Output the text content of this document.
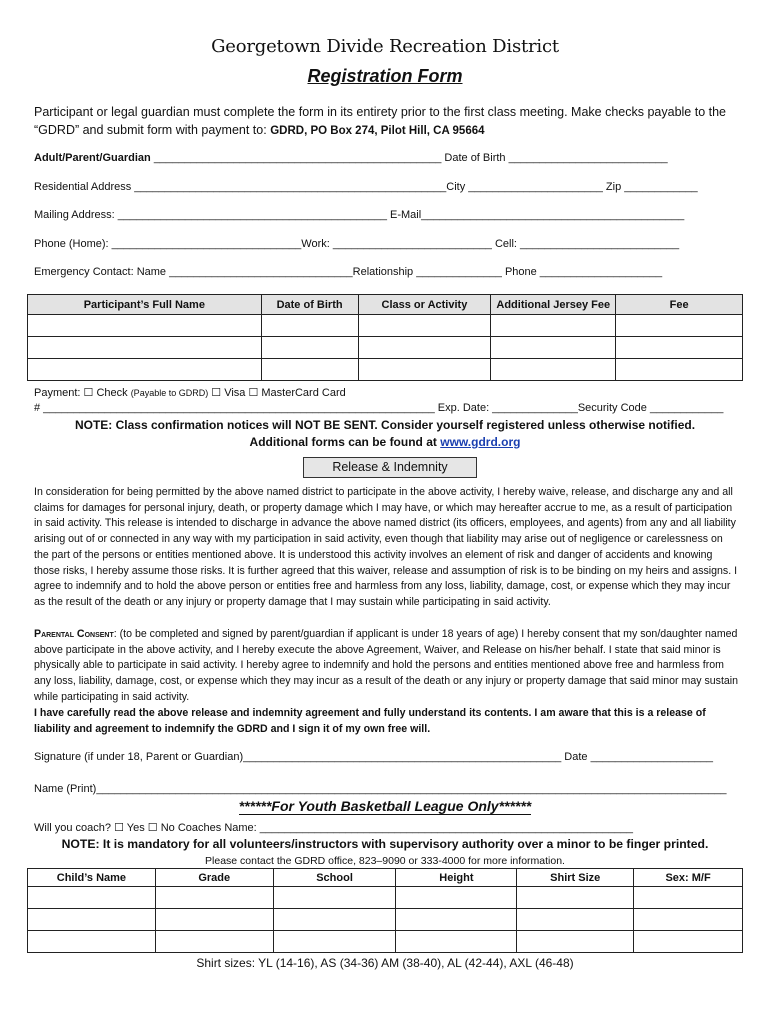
Georgetown Divide Recreation District
Registration Form
Participant or legal guardian must complete the form in its entirety prior to the first class meeting. Make checks payable to the “GDRD” and submit form with payment to: GDRD, PO Box 274, Pilot Hill, CA 95664
Adult/Parent/Guardian _______________________________________________ Date of Birth __________________________
Residential Address ___________________________________________________City ______________________ Zip ____________
Mailing Address: ____________________________________________ E-Mail___________________________________________
Phone (Home): _______________________________Work: __________________________ Cell: __________________________
Emergency Contact: Name ______________________________Relationship ______________ Phone ____________________
Participant’s Full Name	Date of Birth	Class or Activity	Additional Jersey Fee	Fee

Payment: ☐ Check (Payable to GDRD) ☐ Visa ☐ MasterCard Card
# ________________________________________________________________ Exp. Date: ______________Security Code ____________
NOTE: Class confirmation notices will NOT BE SENT. Consider yourself registered unless otherwise notified.
Additional forms can be found at www.gdrd.org
Release & Indemnity
In consideration for being permitted by the above named district to participate in the above activity, I hereby waive, release, and discharge any and all claims for damages for personal injury, death, or property damage which I may have, or which may hereafter accrue to me, as a result of participation in said activity. This release is intended to discharge in advance the above named district (its officers, employees, and agents) from any and all liability arising out of or connected in any way with my participation in said activity, even though that liability may arise out of negligence or carelessness on the part of the persons or entities mentioned above. It is understood this activity involves an element of risk and danger of accidents and knowing those risks, I hereby assume those risks. It is further agreed that this waiver, release and assumption of risk is to be binding on my heirs and assigns. I agree to indemnify and to hold the above person or entities free and harmless from any loss, liability, damage, cost, or expense which they may incur as the result of the death or any injury or property damage that I may sustain while participating in said activity.
Parental Consent: (to be completed and signed by parent/guardian if applicant is under 18 years of age) I hereby consent that my son/daughter named above participate in the above activity, and I hereby execute the above Agreement, Waiver, and Release on his/her behalf. I state that said minor is physically able to participate in said activity. I hereby agree to indemnify and hold the persons and entities mentioned above free and harmless from any loss, liability, damage, cost, or expense which they may incur as a result of the death or any injury or property damage that said minor may sustain while participating in said activity.
I have carefully read the above release and indemnity agreement and fully understand its contents. I am aware that this is a release of liability and agreement to indemnify the GDRD and I sign it of my own free will.
Signature (if under 18, Parent or Guardian)____________________________________________________ Date ____________________
Name (Print)_______________________________________________________________________________________________________
******For Youth Basketball League Only******
Will you coach? ☐ Yes ☐ No Coaches Name: _____________________________________________________________
NOTE: It is mandatory for all volunteers/instructors with supervisory authority over a minor to be finger printed.
Please contact the GDRD office, 823–9090 or 333-4000 for more information.
Child’s Name	Grade	School	Height	Shirt Size	Sex: M/F

Shirt sizes: YL (14-16), AS (34-36) AM (38-40), AL (42-44), AXL (46-48)
